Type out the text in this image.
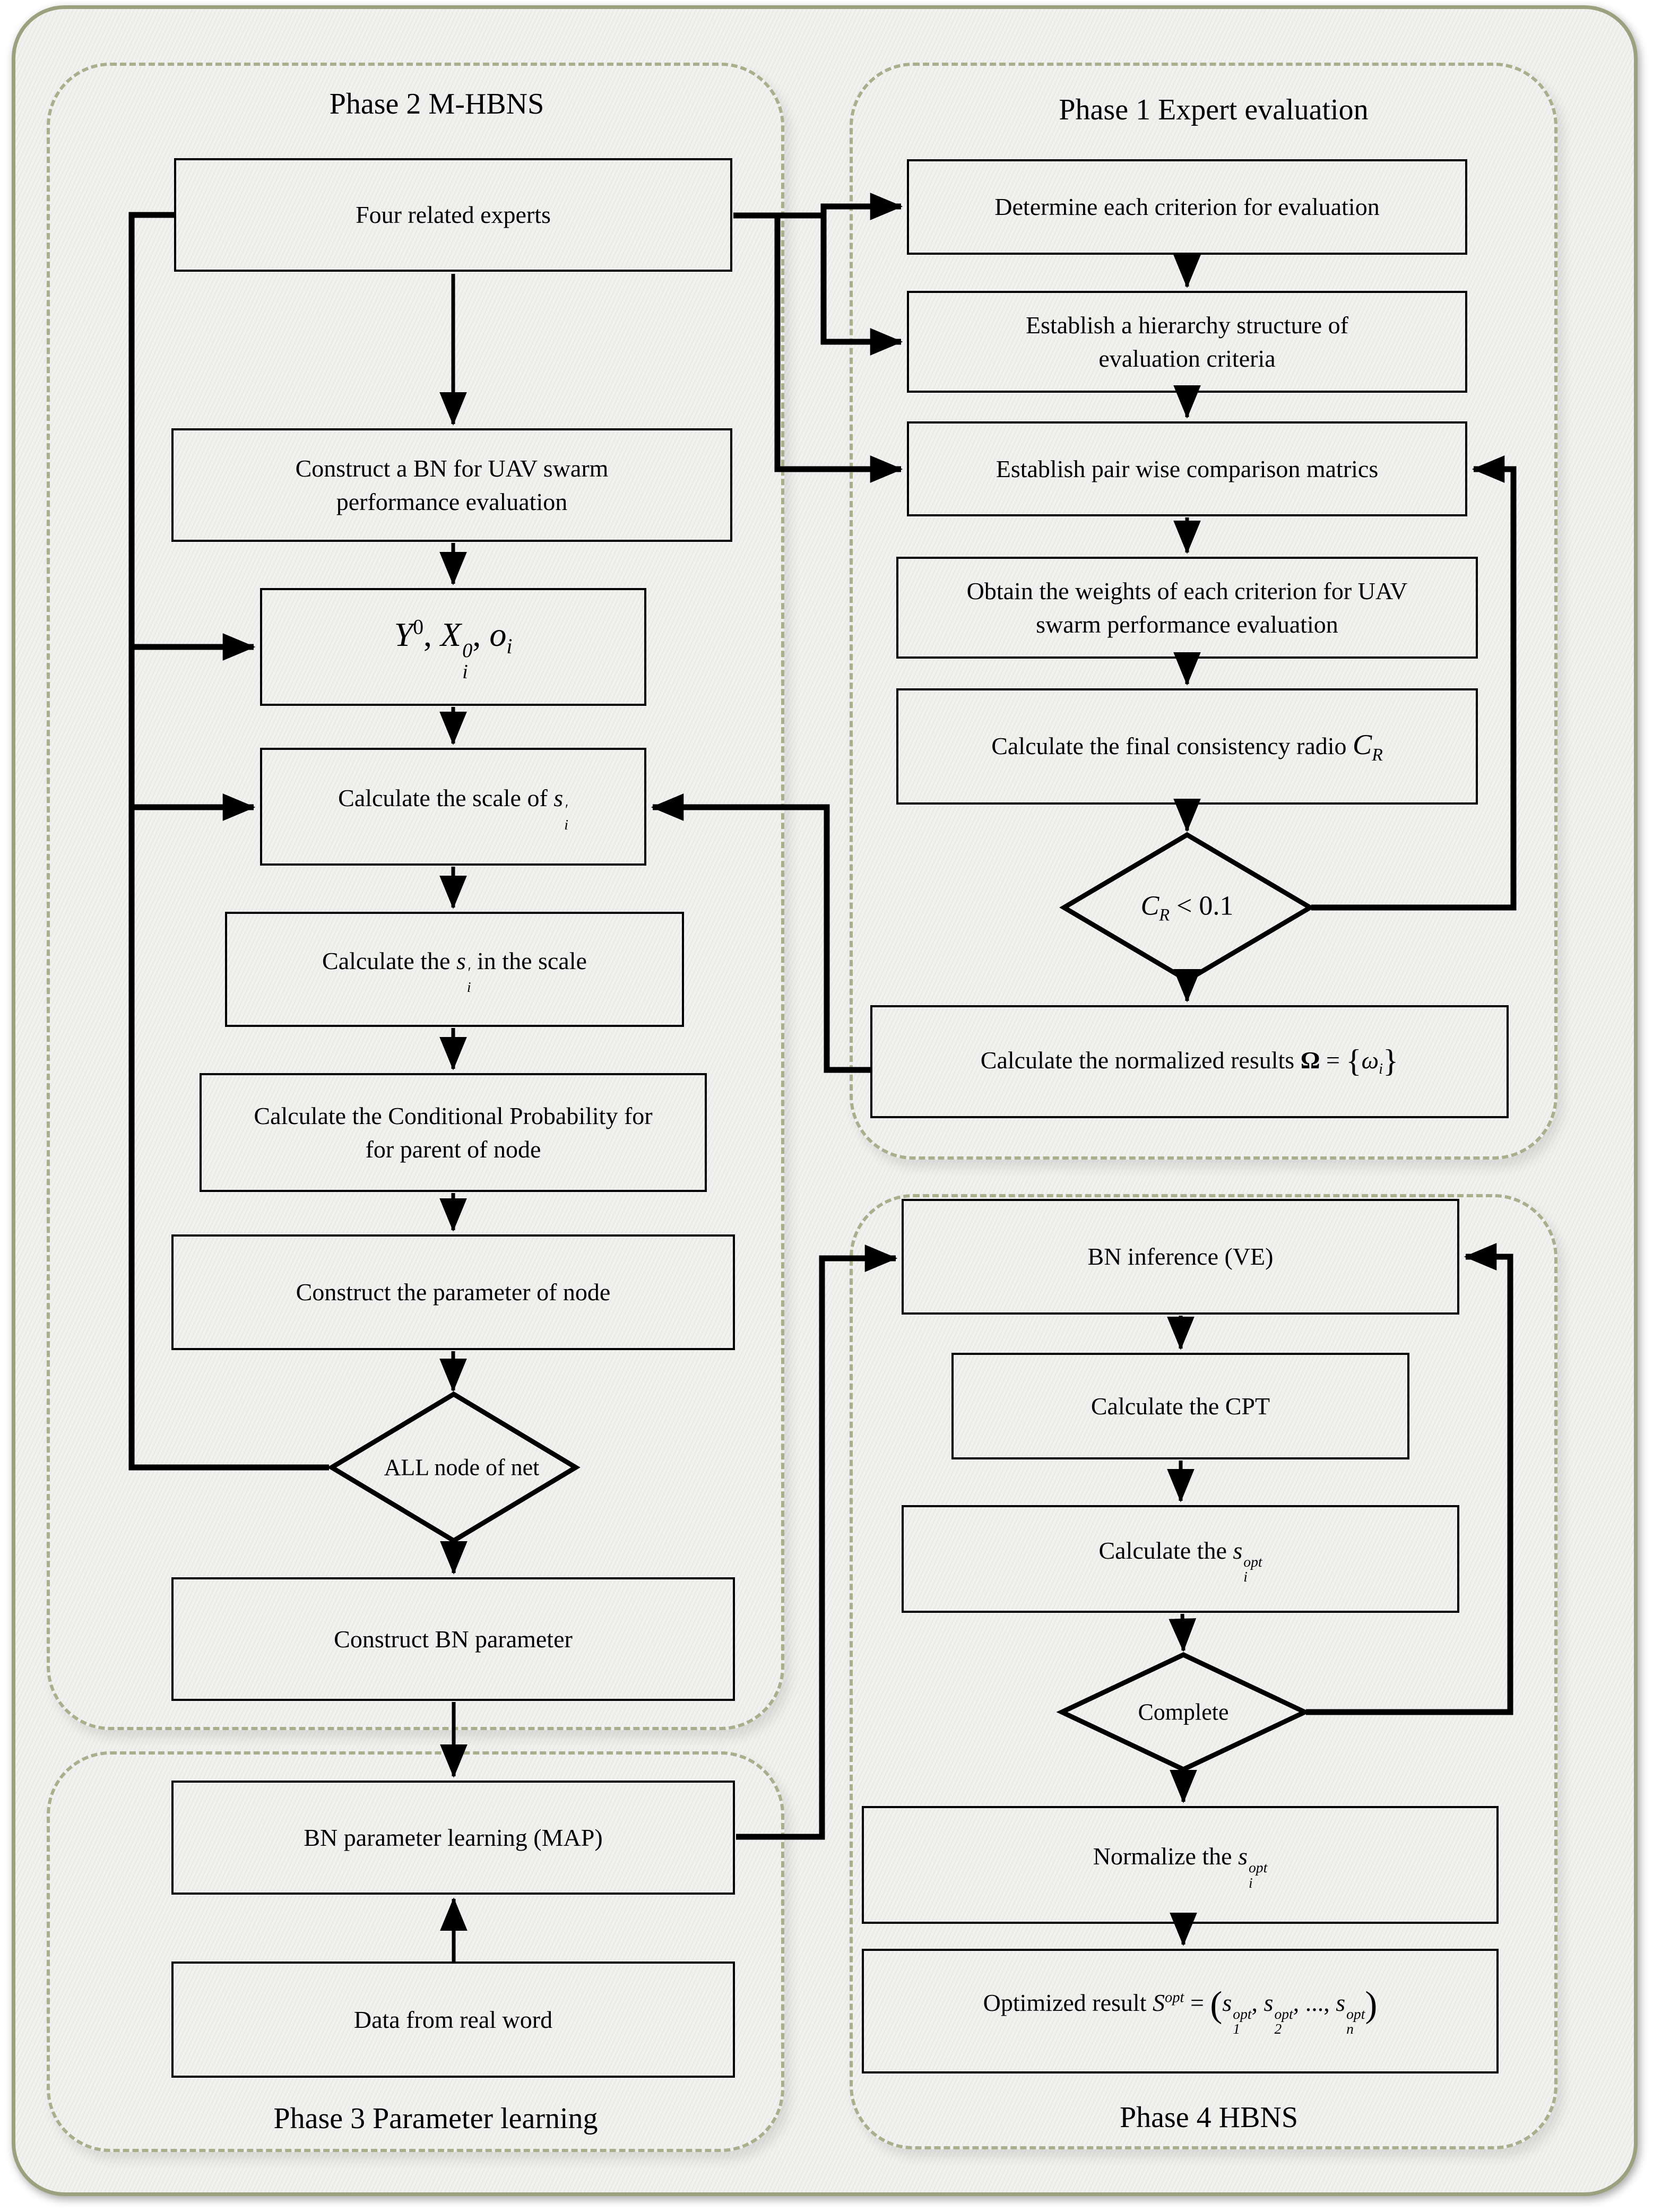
Phase 2 M-HBNS	Phase 1 Expert evaluation
Phase 3 Parameter learning	Phase 4 HBNS
Four related experts
Construct a BN for UAV swarm performance evaluation
$Y^0$, X 0
i
, $o_i$
Calculate the scale of s ′
i
Calculate the s ′
i
in the scale
Calculate the Conditional Probability for for parent of node
Construct the parameter of node
Construct BN parameter
BN parameter learning (MAP)
Data from real word
Determine each criterion for evaluation
Establish a hierarchy structure of evaluation criteria
Establish pair wise comparison matrics
Obtain the weights of each criterion for UAV swarm performance evaluation
Calculate the final consistency radio $C_R$
Calculate the normalized results $\Omega = \{\omega_i\}$
BN inference (VE)
Calculate the CPT
Calculate the s opt
i
Normalize the s opt
i
Optimized result $S^{opt} = (s$ opt
1
, s opt
2
, ..., s opt
n
)
ALL node of net
$C_R < 0.1$
Complete
